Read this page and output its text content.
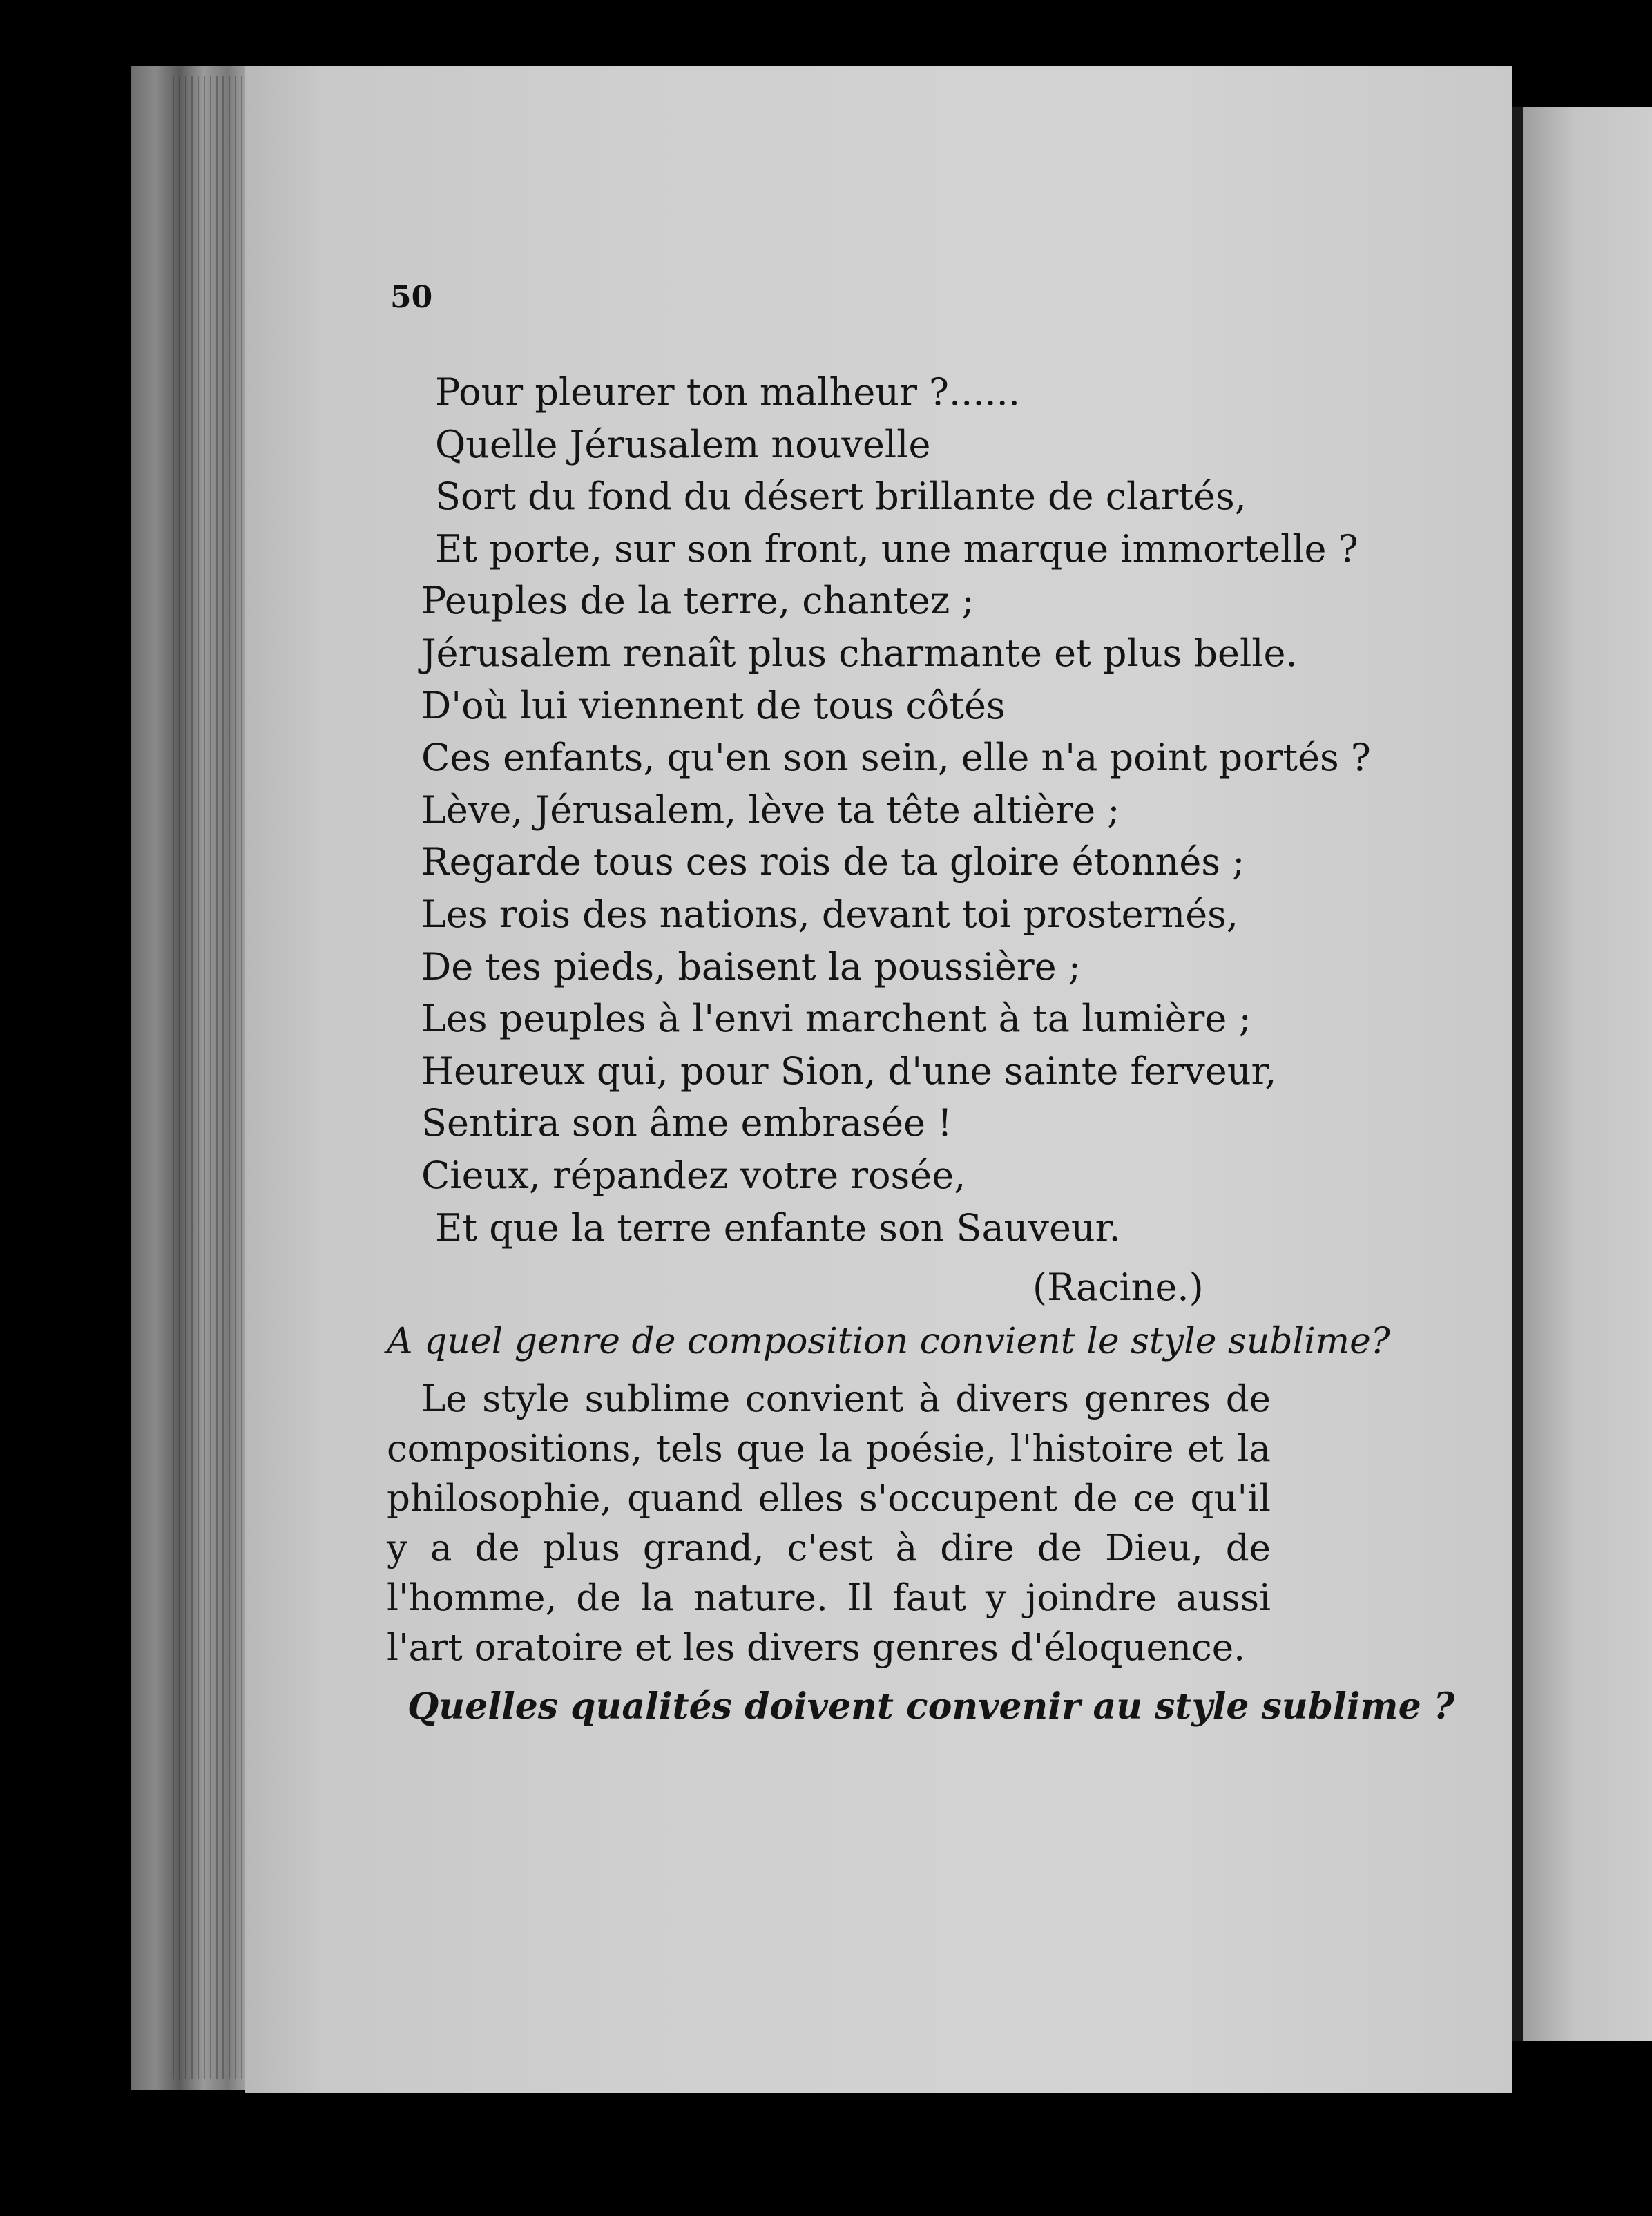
50
Pour pleurer ton malheur ?......
Quelle Jérusalem nouvelle
Sort du fond du désert brillante de clartés,
Et porte, sur son front, une marque immortelle ?
Peuples de la terre, chantez ;
Jérusalem renaît plus charmante et plus belle.
D'où lui viennent de tous côtés
Ces enfants, qu'en son sein, elle n'a point portés ?
Lève, Jérusalem, lève ta tête altière ;
Regarde tous ces rois de ta gloire étonnés ;
Les rois des nations, devant toi prosternés,
De tes pieds, baisent la poussière ;
Les peuples à l'envi marchent à ta lumière ;
Heureux qui, pour Sion, d'une sainte ferveur,
Sentira son âme embrasée !
Cieux, répandez votre rosée,
Et que la terre enfante son Sauveur.
(Racine.)
A quel genre de composition convient le style sublime?

Le style sublime convient à divers genres de compositions, tels que la poésie, l'histoire et la philosophie, quand elles s'occupent de ce qu'il y a de plus grand, c'est à dire de Dieu, de l'homme, de la nature. Il faut y joindre aussi l'art oratoire et les divers genres d'éloquence.

Quelles qualités doivent convenir au style sublime ?
